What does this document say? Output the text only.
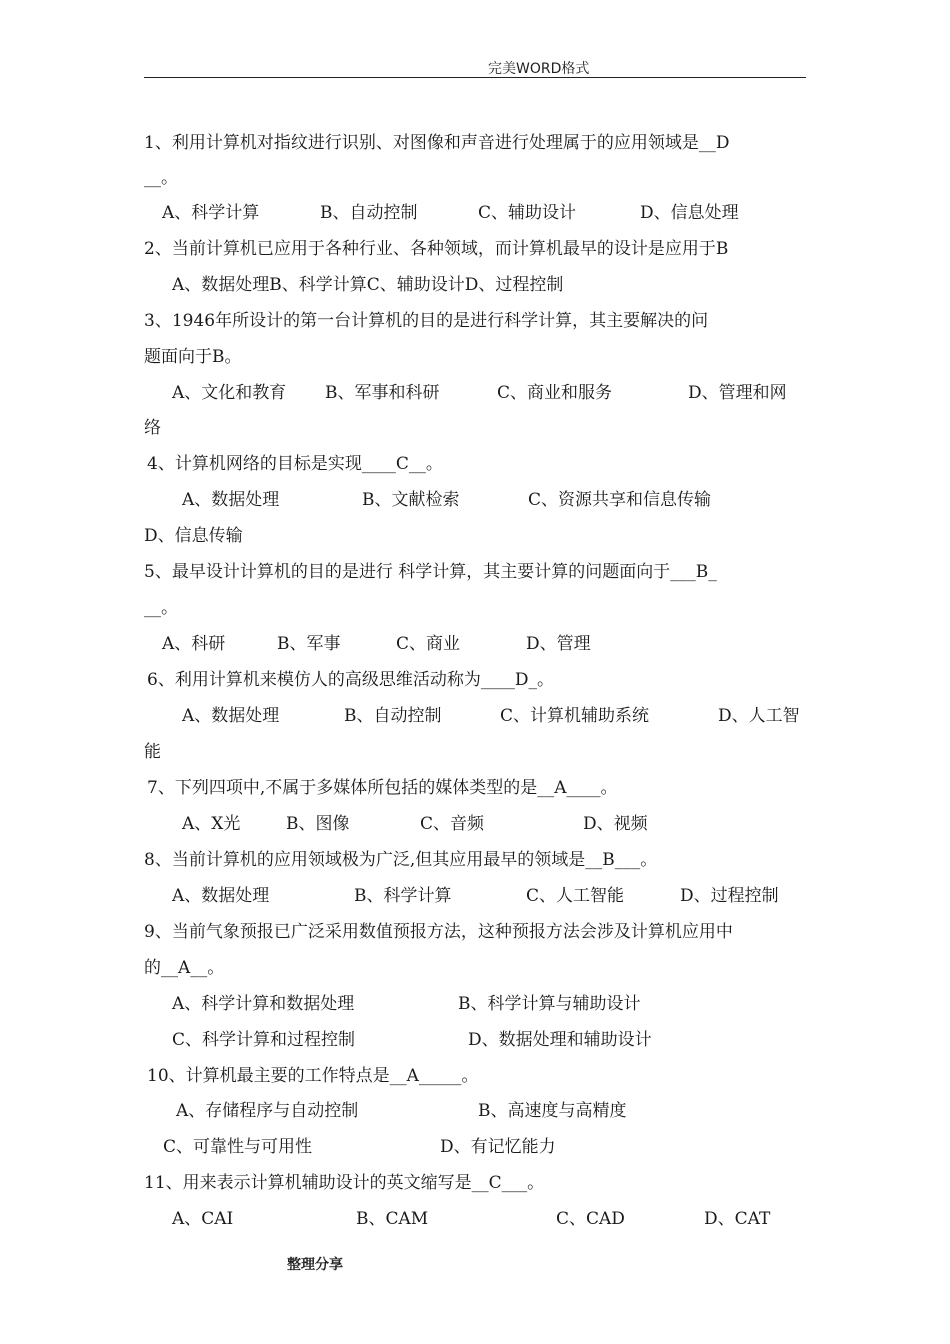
完美WORD格式
1、利用计算机对指纹进行识别、对图像和声音进行处理属于的应用领域是__D
__。
A、科学计算	B、自动控制	C、辅助设计	D、信息处理
2、当前计算机已应用于各种行业、各种领域，而计算机最早的设计是应用于B
A、数据处理B、科学计算C、辅助设计D、过程控制
3、1946年所设计的第一台计算机的目的是进行科学计算，其主要解决的问
题面向于B。
A、文化和教育 B、军事和科研	C、商业和服务	D、管理和网
络
4、计算机网络的目标是实现____C__。
A、数据处理	B、文献检索	C、资源共享和信息传输
D、信息传输
5、最早设计计算机的目的是进行 科学计算，其主要计算的问题面向于___B_
__。
A、科研	B、军事	C、商业	D、管理
6、利用计算机来模仿人的高级思维活动称为____D_。
A、数据处理	B、自动控制	C、计算机辅助系统	D、人工智
能
7、下列四项中,不属于多媒体所包括的媒体类型的是__A____。
A、X光	B、图像	C、音频	D、视频
8、当前计算机的应用领域极为广泛,但其应用最早的领域是__B___。
A、数据处理	B、科学计算	C、人工智能	D、过程控制
9、当前气象预报已广泛采用数值预报方法，这种预报方法会涉及计算机应用中
的__A__。
A、科学计算和数据处理	B、科学计算与辅助设计
C、科学计算和过程控制	D、数据处理和辅助设计
10、计算机最主要的工作特点是__A_____。
A、存储程序与自动控制	B、高速度与高精度
C、可靠性与可用性	D、有记忆能力
11、用来表示计算机辅助设计的英文缩写是__C___。
A、CAI	B、CAM	C、CAD	D、CAT
整理分享
